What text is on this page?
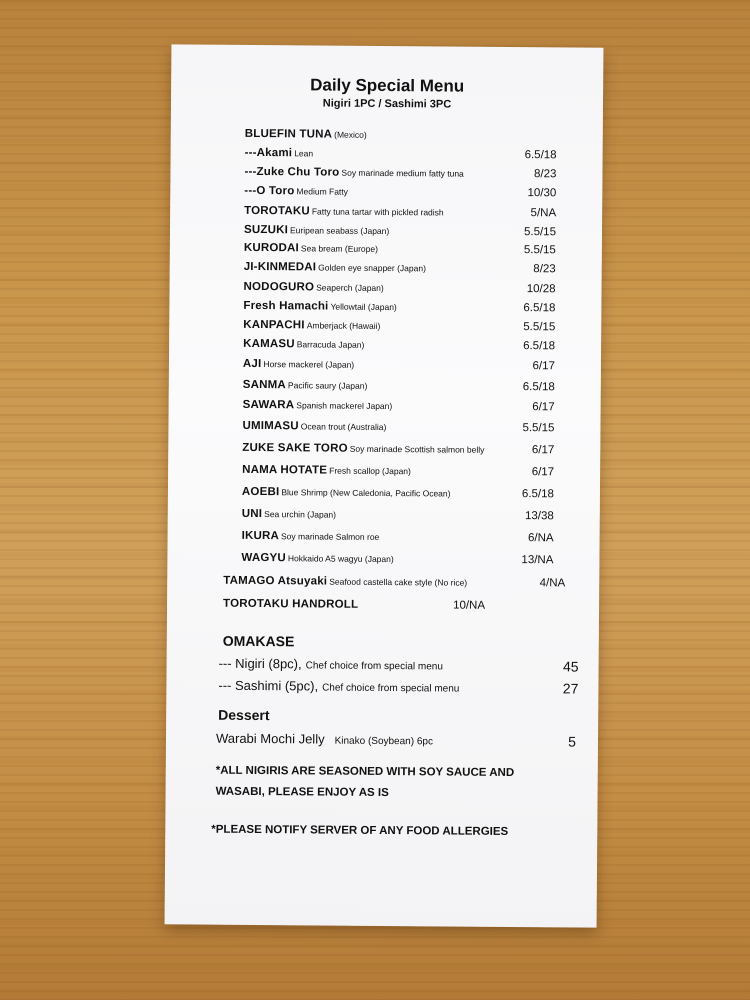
Daily Special Menu
Nigiri 1PC / Sashimi 3PC
BLUEFIN TUNA (Mexico)
---Akami Lean	6.5/18
---Zuke Chu Toro Soy marinade medium fatty tuna	8/23
---O Toro Medium Fatty	10/30
TOROTAKU Fatty tuna tartar with pickled radish	5/NA
SUZUKI Euripean seabass (Japan)	5.5/15
KURODAI Sea bream (Europe)	5.5/15
JI-KINMEDAI Golden eye snapper (Japan)	8/23
NODOGURO Seaperch (Japan)	10/28
Fresh Hamachi Yellowtail (Japan)	6.5/18
KANPACHI Amberjack (Hawaii)	5.5/15
KAMASU Barracuda Japan)	6.5/18
AJI Horse mackerel (Japan)	6/17
SANMA Pacific saury (Japan)	6.5/18
SAWARA Spanish mackerel Japan)	6/17
UMIMASU Ocean trout (Australia)	5.5/15
ZUKE SAKE TORO Soy marinade Scottish salmon belly	6/17
NAMA HOTATE Fresh scallop (Japan)	6/17
AOEBI Blue Shrimp (New Caledonia, Pacific Ocean)	6.5/18
UNI Sea urchin (Japan)	13/38
IKURA Soy marinade Salmon roe	6/NA
WAGYU Hokkaido A5 wagyu (Japan)	13/NA
TAMAGO Atsuyaki Seafood castella cake style (No rice)	4/NA
TOROTAKU HANDROLL	10/NA
OMAKASE
--- Nigiri (8pc), Chef choice from special menu	45
--- Sashimi (5pc), Chef choice from special menu	27
Dessert
Warabi Mochi Jelly Kinako (Soybean) 6pc	5
*ALL NIGIRIS ARE SEASONED WITH SOY SAUCE AND
WASABI, PLEASE ENJOY AS IS
*PLEASE NOTIFY SERVER OF ANY FOOD ALLERGIES
